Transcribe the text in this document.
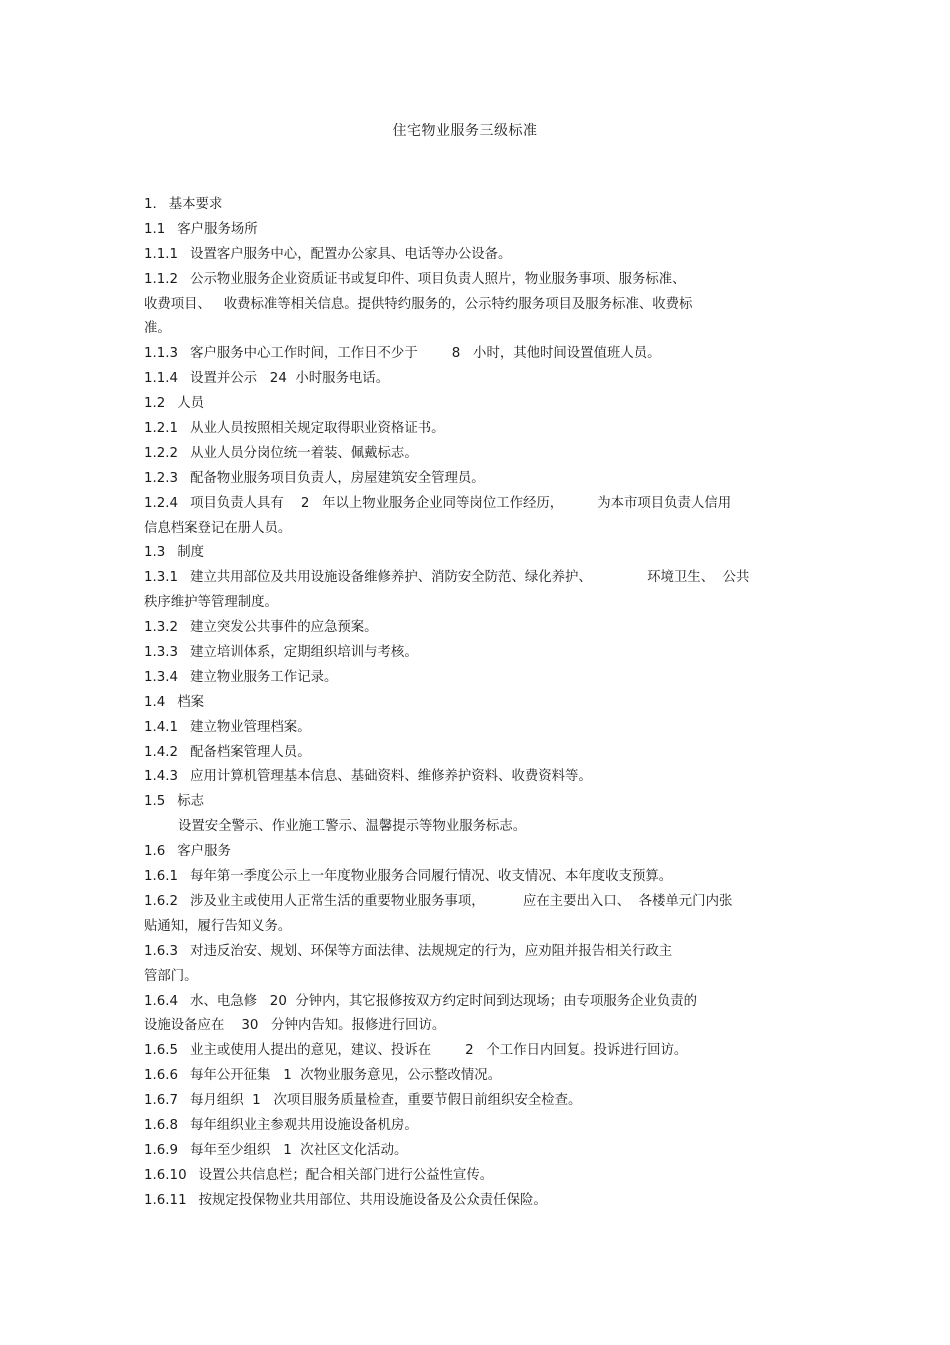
住宅物业服务三级标准
1. 基本要求
1.1 客户服务场所
1.1.1 设置客户服务中心，配置办公家具、电话等办公设备。
1.1.2 公示物业服务企业资质证书或复印件、项目负责人照片，物业服务事项、服务标准、
收费项目、   收费标准等相关信息。提供特约服务的，公示特约服务项目及服务标准、收费标
准。
1.1.3 客户服务中心工作时间，工作日不少于        8   小时，其他时间设置值班人员。
1.1.4 设置并公示   24  小时服务电话。
1.2 人员
1.2.1 从业人员按照相关规定取得职业资格证书。
1.2.2 从业人员分岗位统一着装、佩戴标志。
1.2.3 配备物业服务项目负责人，房屋建筑安全管理员。
1.2.4 项目负责人具有    2   年以上物业服务企业同等岗位工作经历，        为本市项目负责人信用
信息档案登记在册人员。
1.3 制度
1.3.1 建立共用部位及共用设施设备维修养护、消防安全防范、绿化养护、             环境卫生、  公共
秩序维护等管理制度。
1.3.2 建立突发公共事件的应急预案。
1.3.3 建立培训体系，定期组织培训与考核。
1.3.4 建立物业服务工作记录。
1.4 档案
1.4.1 建立物业管理档案。
1.4.2 配备档案管理人员。
1.4.3 应用计算机管理基本信息、基础资料、维修养护资料、收费资料等。
1.5 标志
设置安全警示、作业施工警示、温馨提示等物业服务标志。
1.6 客户服务
1.6.1 每年第一季度公示上一年度物业服务合同履行情况、收支情况、本年度收支预算。
1.6.2 涉及业主或使用人正常生活的重要物业服务事项，         应在主要出入口、  各楼单元门内张
贴通知，履行告知义务。
1.6.3 对违反治安、规划、环保等方面法律、法规规定的行为，应劝阻并报告相关行政主
管部门。
1.6.4 水、电急修   20  分钟内，其它报修按双方约定时间到达现场；由专项服务企业负责的
设施设备应在    30   分钟内告知。报修进行回访。
1.6.5 业主或使用人提出的意见，建议、投诉在        2   个工作日内回复。投诉进行回访。
1.6.6 每年公开征集   1  次物业服务意见，公示整改情况。
1.6.7 每月组织  1   次项目服务质量检查，重要节假日前组织安全检查。
1.6.8 每年组织业主参观共用设施设备机房。
1.6.9 每年至少组织   1  次社区文化活动。
1.6.10 设置公共信息栏；配合相关部门进行公益性宣传。
1.6.11 按规定投保物业共用部位、共用设施设备及公众责任保险。
